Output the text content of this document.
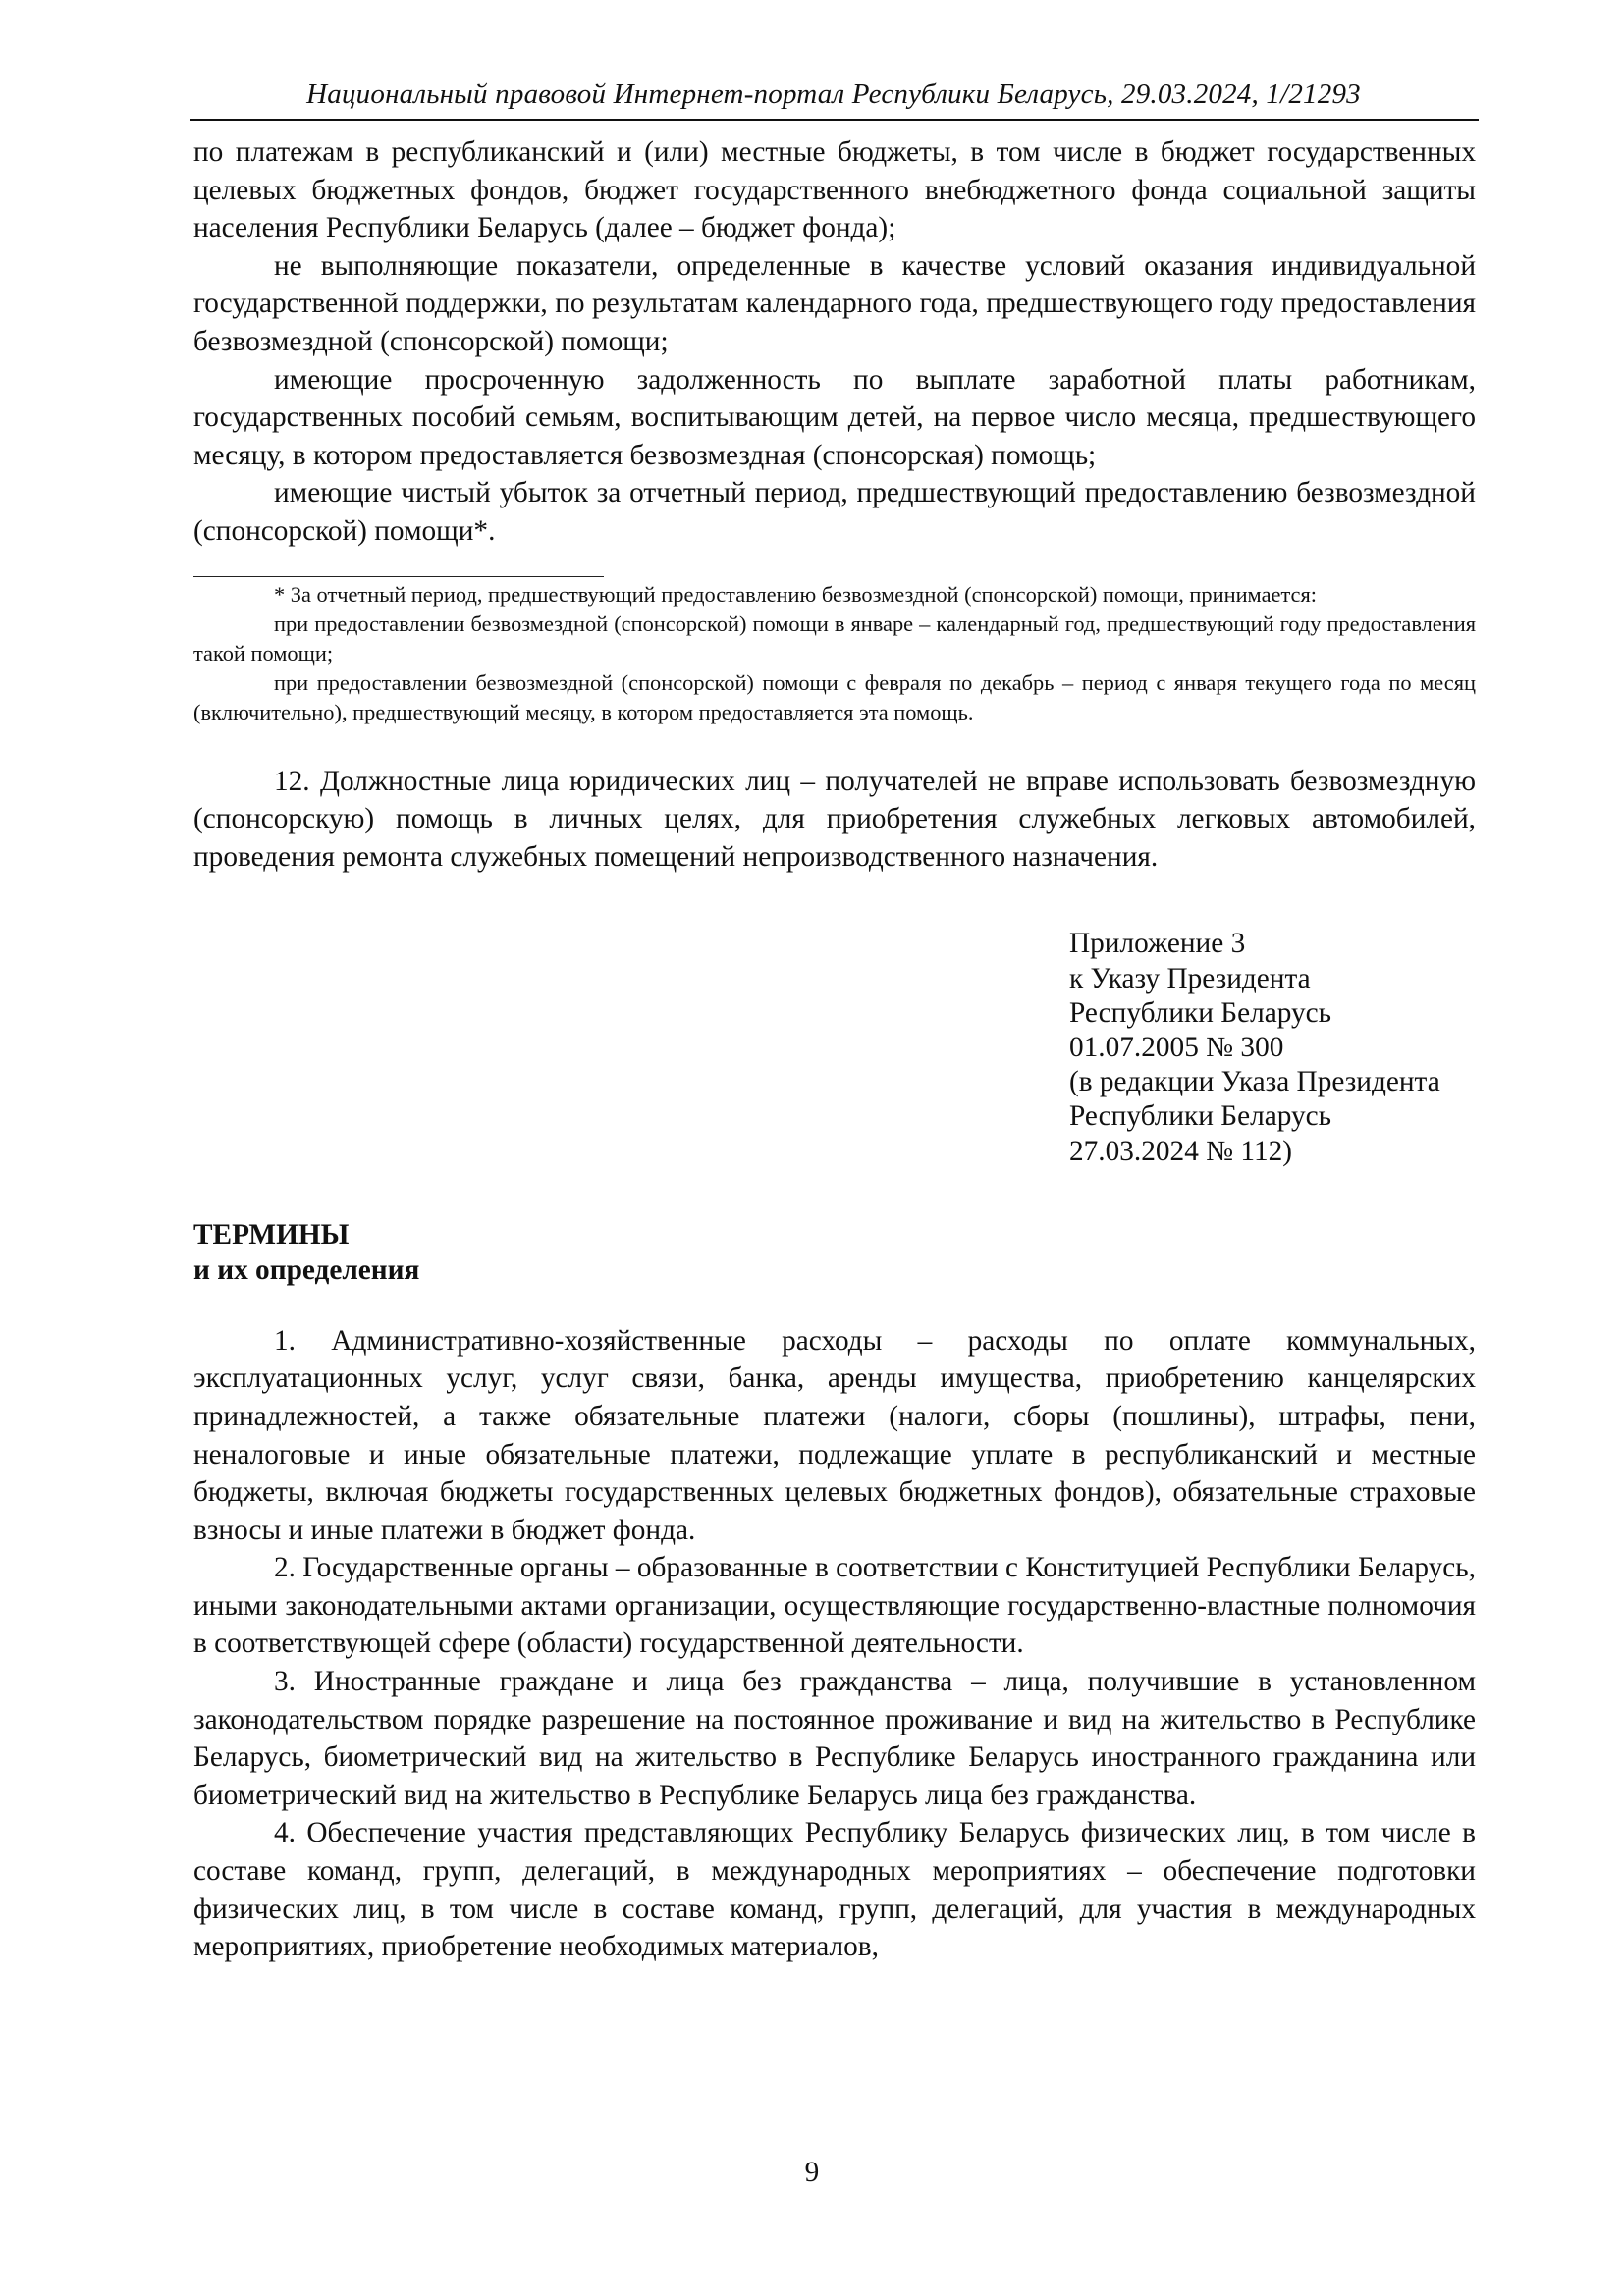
Национальный правовой Интернет-портал Республики Беларусь, 29.03.2024, 1/21293

по платежам в республиканский и (или) местные бюджеты, в том числе в бюджет государственных целевых бюджетных фондов, бюджет государственного внебюджетного фонда социальной защиты населения Республики Беларусь (далее – бюджет фонда);

не выполняющие показатели, определенные в качестве условий оказания индивидуальной государственной поддержки, по результатам календарного года, предшествующего году предоставления безвозмездной (спонсорской) помощи;

имеющие просроченную задолженность по выплате заработной платы работникам, государственных пособий семьям, воспитывающим детей, на первое число месяца, предшествующего месяцу, в котором предоставляется безвозмездная (спонсорская) помощь;

имеющие чистый убыток за отчетный период, предшествующий предоставлению безвозмездной (спонсорской) помощи*.

* За отчетный период, предшествующий предоставлению безвозмездной (спонсорской) помощи, принимается:

при предоставлении безвозмездной (спонсорской) помощи в январе – календарный год, предшествующий году предоставления такой помощи;

при предоставлении безвозмездной (спонсорской) помощи с февраля по декабрь – период с января текущего года по месяц (включительно), предшествующий месяцу, в котором предоставляется эта помощь.

12. Должностные лица юридических лиц – получателей не вправе использовать безвозмездную (спонсорскую) помощь в личных целях, для приобретения служебных легковых автомобилей, проведения ремонта служебных помещений непроизводственного назначения.

Приложение 3
к Указу Президента
Республики Беларусь
01.07.2005 № 300
(в редакции Указа Президента
Республики Беларусь
27.03.2024 № 112)
ТЕРМИНЫ
и их определения

1. Административно-хозяйственные расходы – расходы по оплате коммунальных, эксплуатационных услуг, услуг связи, банка, аренды имущества, приобретению канцелярских принадлежностей, а также обязательные платежи (налоги, сборы (пошлины), штрафы, пени, неналоговые и иные обязательные платежи, подлежащие уплате в республиканский и местные бюджеты, включая бюджеты государственных целевых бюджетных фондов), обязательные страховые взносы и иные платежи в бюджет фонда.

2. Государственные органы – образованные в соответствии с Конституцией Республики Беларусь, иными законодательными актами организации, осуществляющие государственно-властные полномочия в соответствующей сфере (области) государственной деятельности.

3. Иностранные граждане и лица без гражданства – лица, получившие в установленном законодательством порядке разрешение на постоянное проживание и вид на жительство в Республике Беларусь, биометрический вид на жительство в Республике Беларусь иностранного гражданина или биометрический вид на жительство в Республике Беларусь лица без гражданства.

4. Обеспечение участия представляющих Республику Беларусь физических лиц, в том числе в составе команд, групп, делегаций, в международных мероприятиях – обеспечение подготовки физических лиц, в том числе в составе команд, групп, делегаций, для участия в международных мероприятиях, приобретение необходимых материалов,

9
